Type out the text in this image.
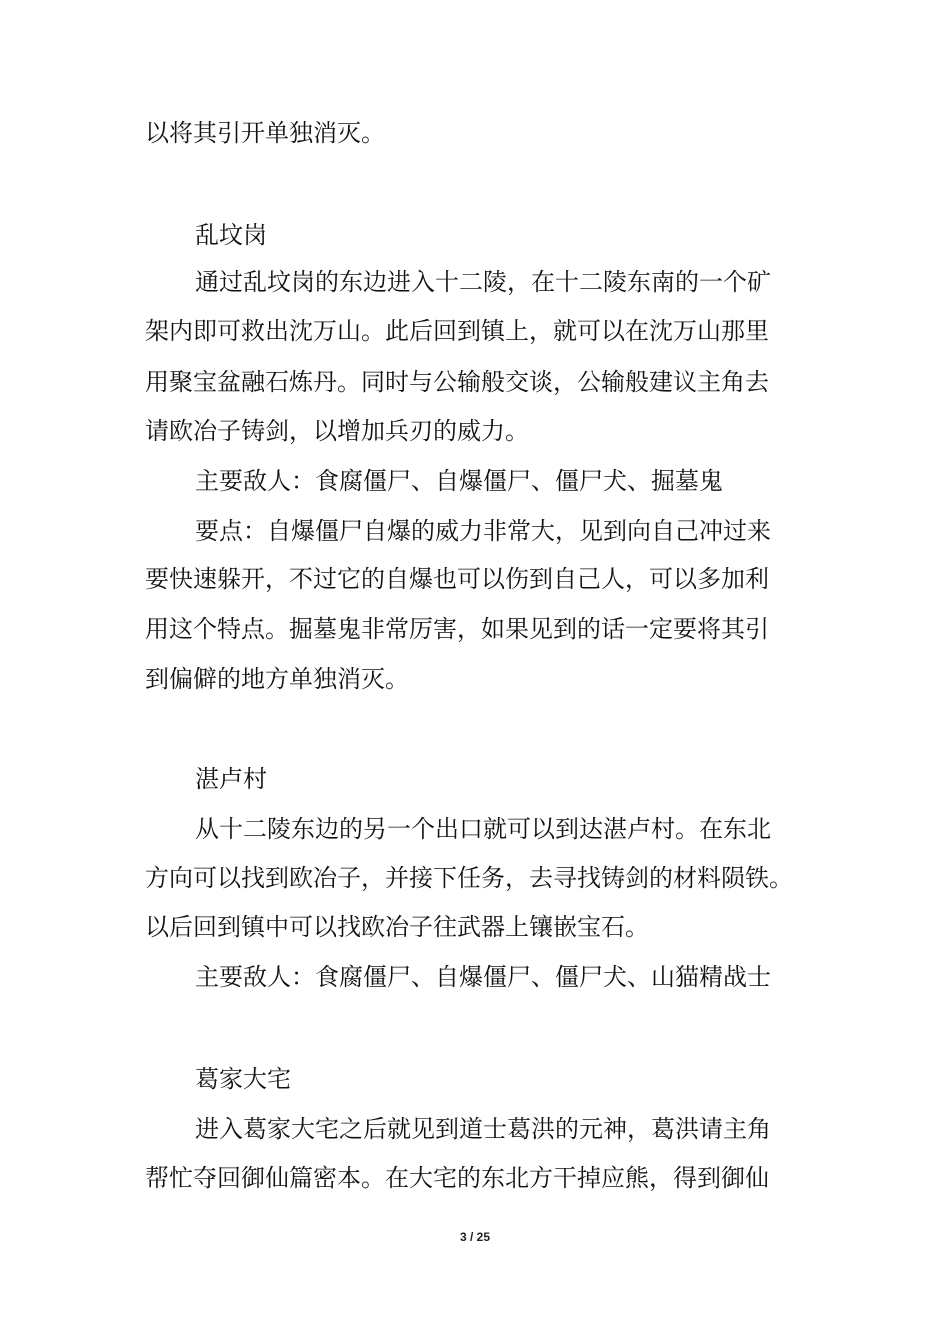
以将其引开单独消灭。
乱坟岗
通过乱坟岗的东边进入十二陵，在十二陵东南的一个矿
架内即可救出沈万山。此后回到镇上，就可以在沈万山那里
用聚宝盆融石炼丹。同时与公输般交谈，公输般建议主角去
请欧冶子铸剑，以增加兵刃的威力。
主要敌人：食腐僵尸、自爆僵尸、僵尸犬、掘墓鬼
要点：自爆僵尸自爆的威力非常大，见到向自己冲过来
要快速躲开，不过它的自爆也可以伤到自己人，可以多加利
用这个特点。掘墓鬼非常厉害，如果见到的话一定要将其引
到偏僻的地方单独消灭。
湛卢村
从十二陵东边的另一个出口就可以到达湛卢村。在东北
方向可以找到欧冶子，并接下任务，去寻找铸剑的材料陨铁。
以后回到镇中可以找欧冶子往武器上镶嵌宝石。
主要敌人：食腐僵尸、自爆僵尸、僵尸犬、山猫精战士
葛家大宅
进入葛家大宅之后就见到道士葛洪的元神，葛洪请主角
帮忙夺回御仙篇密本。在大宅的东北方干掉应熊，得到御仙
3 / 25
